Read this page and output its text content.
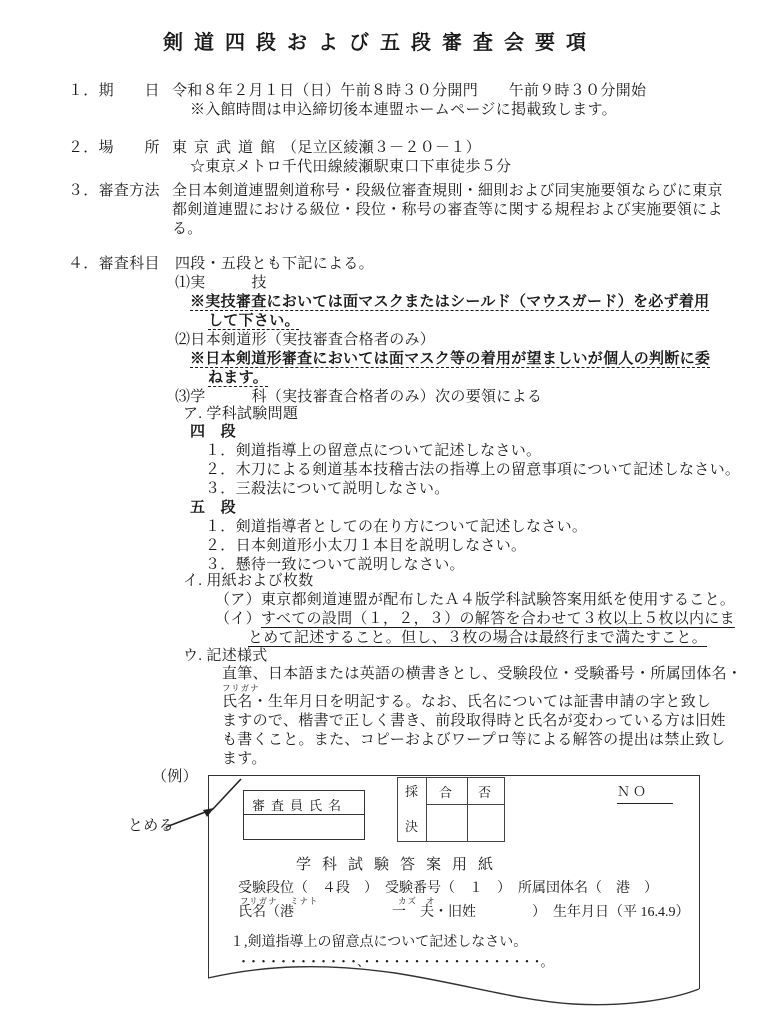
剣道四段および五段審査会要項
１．期　　日 令和８年２月１日（日）午前８時３０分開門　　午前９時３０分開始
※入館時間は申込締切後本連盟ホームページに掲載致します。
２．場　　所 東京武道館（足立区綾瀬３－２０－１）
☆東京メトロ千代田線綾瀬駅東口下車徒歩５分
３．審査方法 全日本剣道連盟剣道称号・段級位審査規則・細則および同実施要領ならびに東京
都剣道連盟における級位・段位・称号の審査等に関する規程および実施要領によ
る。
４．審査科目 四段・五段とも下記による。
⑴実　　　技
※実技審査においては面マスクまたはシールド（マウスガード）を必ず着用
して下さい。
⑵日本剣道形（実技審査合格者のみ）
※日本剣道形審査においては面マスク等の着用が望ましいが個人の判断に委
ねます。
⑶学　　　科（実技審査合格者のみ）次の要領による
ア. 学科試験問題
四　段
１．剣道指導上の留意点について記述しなさい。
２．木刀による剣道基本技稽古法の指導上の留意事項について記述しなさい。
３．三殺法について説明しなさい。
五　段
１．剣道指導者としての在り方について記述しなさい。
２．日本剣道形小太刀１本目を説明しなさい。
３．懸待一致について説明しなさい。
イ. 用紙および枚数
（ア）東京都剣道連盟が配布したＡ４版学科試験答案用紙を使用すること。
（イ）すべての設問（１，２，３）の解答を合わせて３枚以上５枚以内にま
とめて記述すること。但し、３枚の場合は最終行まで満たすこと。
ウ. 記述様式
直筆、日本語または英語の横書きとし、受験段位・受験番号・所属団体名・
フリガナ
氏名・生年月日を明記する。なお、氏名については証書申請の字と致し
ますので、楷書で正しく書き、前段取得時と氏名が変わっている方は旧姓
も書くこと。また、コピーおよびワープロ等による解答の提出は禁止致し
ます。
（例）
とめる
審査員氏名
採
決
合 否	ＮＯ
学科試験答案用紙
受験段位（　４段　）　受験番号（　１　）　所属団体名（　港　）
フリガナ ミナト	カズ オ
氏名（港　　　　　　　一　夫・旧姓　　　　）　生年月日（平 16.4.9）
１,剣道指導上の留意点について記述しなさい。
・・・・・・・・・・・・、・・・・・・・・・・・・・・・・・・。
